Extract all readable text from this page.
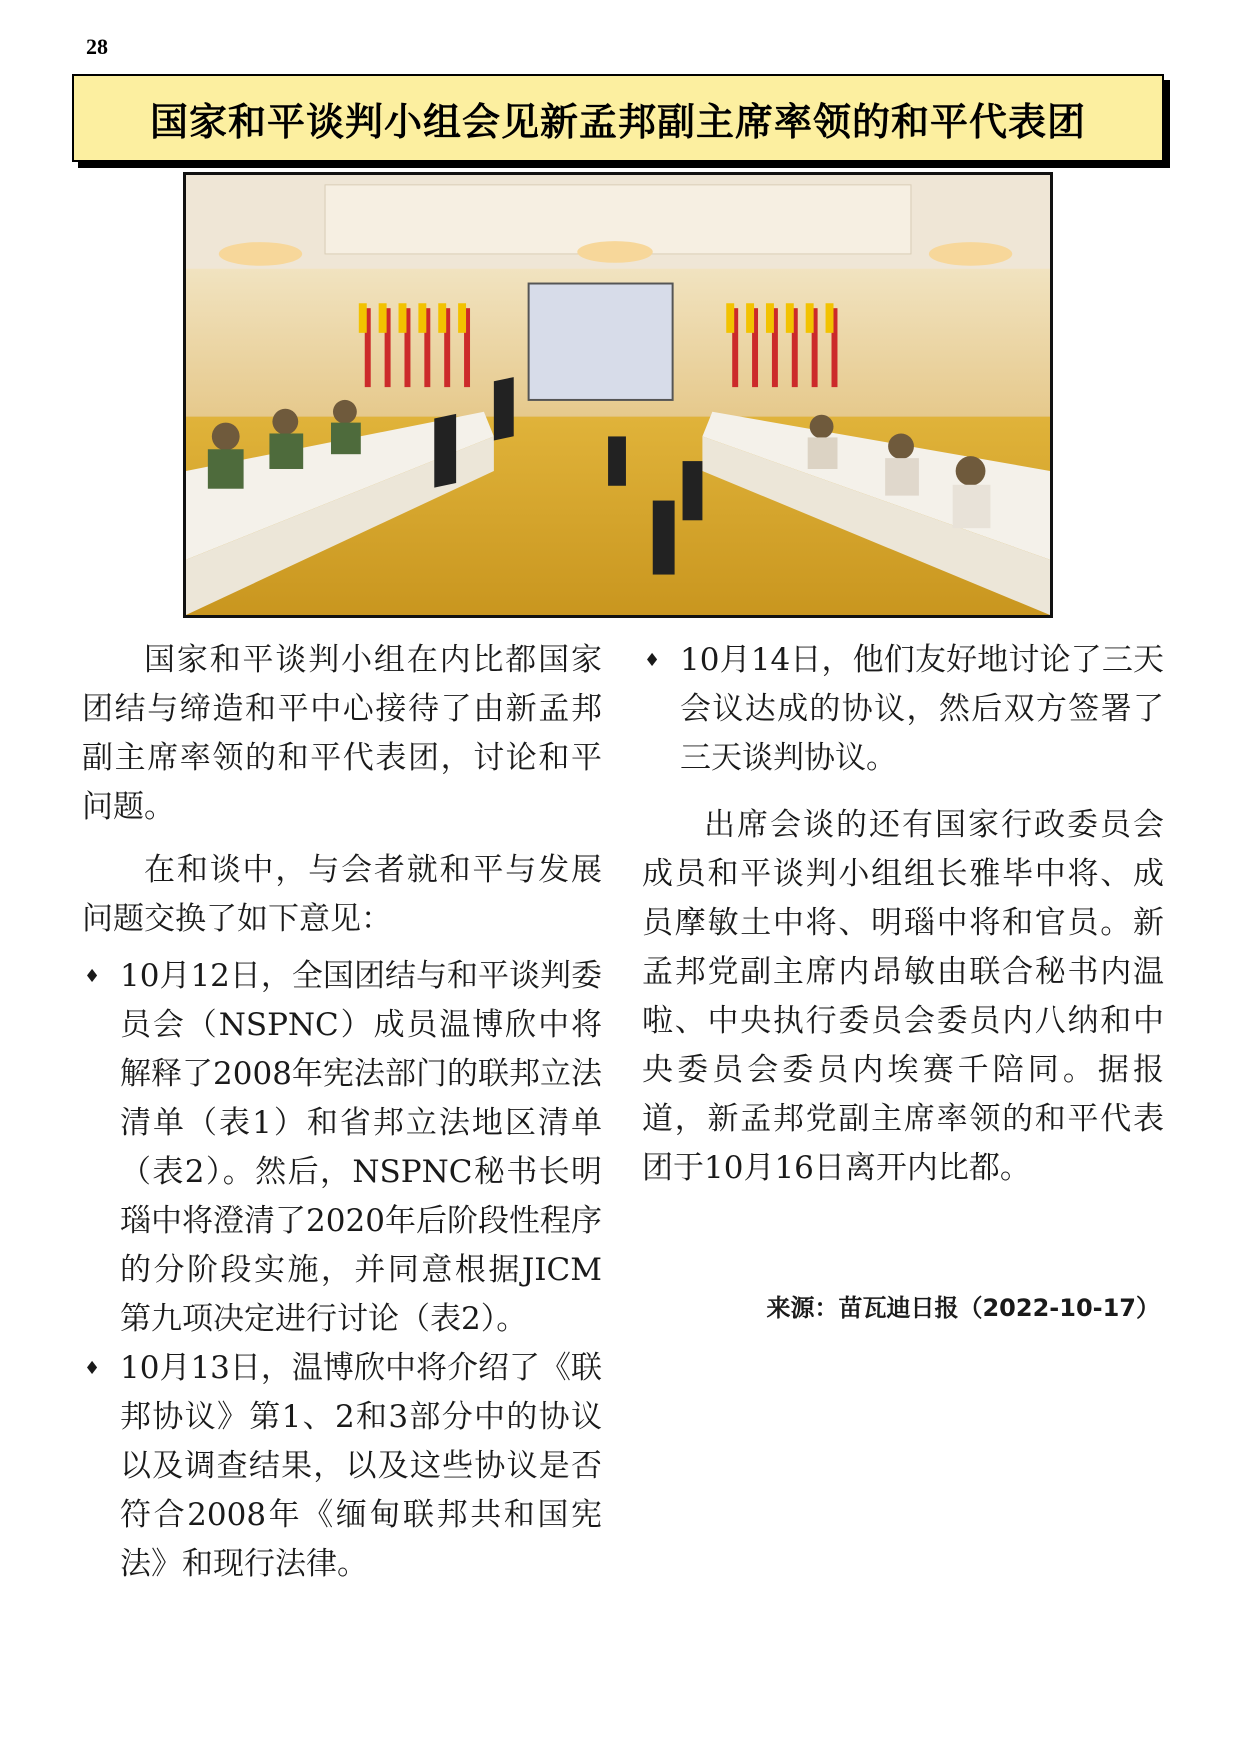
28
国家和平谈判小组会见新孟邦副主席率领的和平代表团

国家和平谈判小组在内比都国家团结与缔造和平中心接待了由新孟邦副主席率领的和平代表团，讨论和平问题。

在和谈中，与会者就和平与发展问题交换了如下意见：

♦ 10月12日，全国团结与和平谈判委员会（NSPNC）成员温博欣中将解释了2008年宪法部门的联邦立法清单（表1）和省邦立法地区清单（表2）。然后，NSPNC秘书长明瑙中将澄清了2020年后阶段性程序的分阶段实施，并同意根据JICM第九项决定进行讨论（表2）。
♦ 10月13日，温博欣中将介绍了《联邦协议》第1、2和3部分中的协议以及调查结果，以及这些协议是否符合2008年《缅甸联邦共和国宪法》和现行法律。
♦ 10月14日，他们友好地讨论了三天会议达成的协议，然后双方签署了三天谈判协议。

出席会谈的还有国家行政委员会成员和平谈判小组组长雅毕中将、成员摩敏土中将、明瑙中将和官员。新孟邦党副主席内昂敏由联合秘书内温啦、中央执行委员会委员内八纳和中央委员会委员内埃赛千陪同。据报道，新孟邦党副主席率领的和平代表团于10月16日离开内比都。

来源：苗瓦迪日报（2022-10-17）
